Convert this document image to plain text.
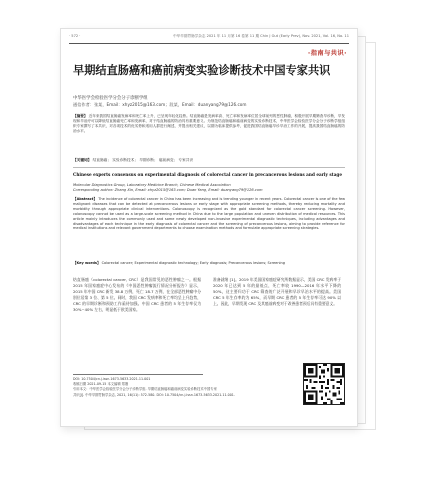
· 572 ·	中华早期胃肠学杂志 2021 年 11 月第 16 卷第 11 期 Chin J Gut (Early Prev), Nov. 2021, Vol. 16, No. 11
·指南与共识·
早期结直肠癌和癌前病变实验诊断技术中国专家共识
中华医学会检验医学分会分子诊断学组
通信作者：张某，Email：xhyz2015@163.com；段某，Email：duanyang79@126.com
【摘要】 近年来我国结直肠癌发病率和死亡率上升，已呈现年轻化趋势。结直肠癌是发病率高、死亡率和发病率位居全球前列的恶性肿瘤，积极开展早期筛查早诊断，早发现和早治疗可以降低结直肠癌死亡率和发病率，对于结直肠癌的防治具有重要意义。为规范结直肠癌和癌前病变的实验诊断技术，中华医学会检验医学分会分子诊断学组组织专家撰写了本共识，对各项技术的优劣势和适用人群进行阐述，并提出相关建议，以期为临床提供参考，促进我国结直肠癌早诊早治工作的开展，提高我国结直肠癌的防治水平。
【关键词】 结直肠癌； 实验诊断技术； 早期诊断； 癌前病变； 专家共识
Chinese experts consensus on experimental diagnosis of colorectal cancer in precancerous lesions and early stage
Molecular Diagnostics Group, Laboratory Medicine Branch, Chinese Medical Association
Corresponding author: Zhang Xin, Email: xhyz2015@163.com; Duan Yang, Email: duanyang79@126.com
【Abstract】 The incidence of colorectal cancer in China has been increasing and is trending younger in recent years. Colorectal cancer is one of the few malignant diseases that can be detected at precancerous lesions or early stage with appropriate screening methods, thereby reducing mortality and morbidity through appropriate clinical interventions. Colonoscopy is recognized as the gold standard for colorectal cancer screening. However, colonoscopy cannot be used as a large-scale screening method in China due to the large population and uneven distribution of medical resources. This article mainly introduces the commonly used and some newly developed non-invasive experimental diagnostic techniques, including advantages and disadvantages of each technique in the early diagnosis of colorectal cancer and the screening of precancerous lesions, aiming to provide reference for medical institutions and relevant government departments to choose examination methods and formulate appropriate screening strategies.
【Key words】 Colorectal cancer; Experimental diagnostic technology; Early diagnosis; Precancerous lesions; Screening
结直肠癌（colorectal cancer, CRC）是我国常见的恶性肿瘤之一。根据 2015 年国家癌症中心发布的《中国恶性肿瘤流行情况分析报告》显示，2015 年中国 CRC 新发 38.8 万例，死亡 18.7 万例，在全部恶性肿瘤中分别位居第 3 位、第 5 位。同时，我国 CRC 发病率和死亡率均呈上升趋势，CRC 的早期诊断和预防工作亟待加强。中国 CRC 患者的 5 年生存率仅为 30%~40% 左右，明显低于欧美国家。
准备就绪 [1]。2019 年美国国家癌症研究所数据显示，美国 CRC 发病率于 2020 年已达到 5 年的最低点，死亡率较 1990—2016 年水平下降约 50%，这主要归功于 CRC 筛查的广泛开展和早诊早治水平的提高。美国 CRC 5 年生存率约为 65%，而早期 CRC 患者的 5 年生存率可达 90% 以上。因此，早期发现 CRC 及其癌前病变对于改善患者预后具有重要意义。
DOI: 10.7504/cn.j.issn.1673-5633.2021.11.001
收稿日期 2021-09-15 本文编辑 郑刚
引用本文：中华医学会检验医学分会分子诊断学组. 早期结直肠癌和癌前病变实验诊断技术中国专家
共识[J]. 中华早期胃肠学杂志, 2021, 16(11): 572-580. DOI: 10.7504/cn.j.issn.1673-5633.2021.11.001.
